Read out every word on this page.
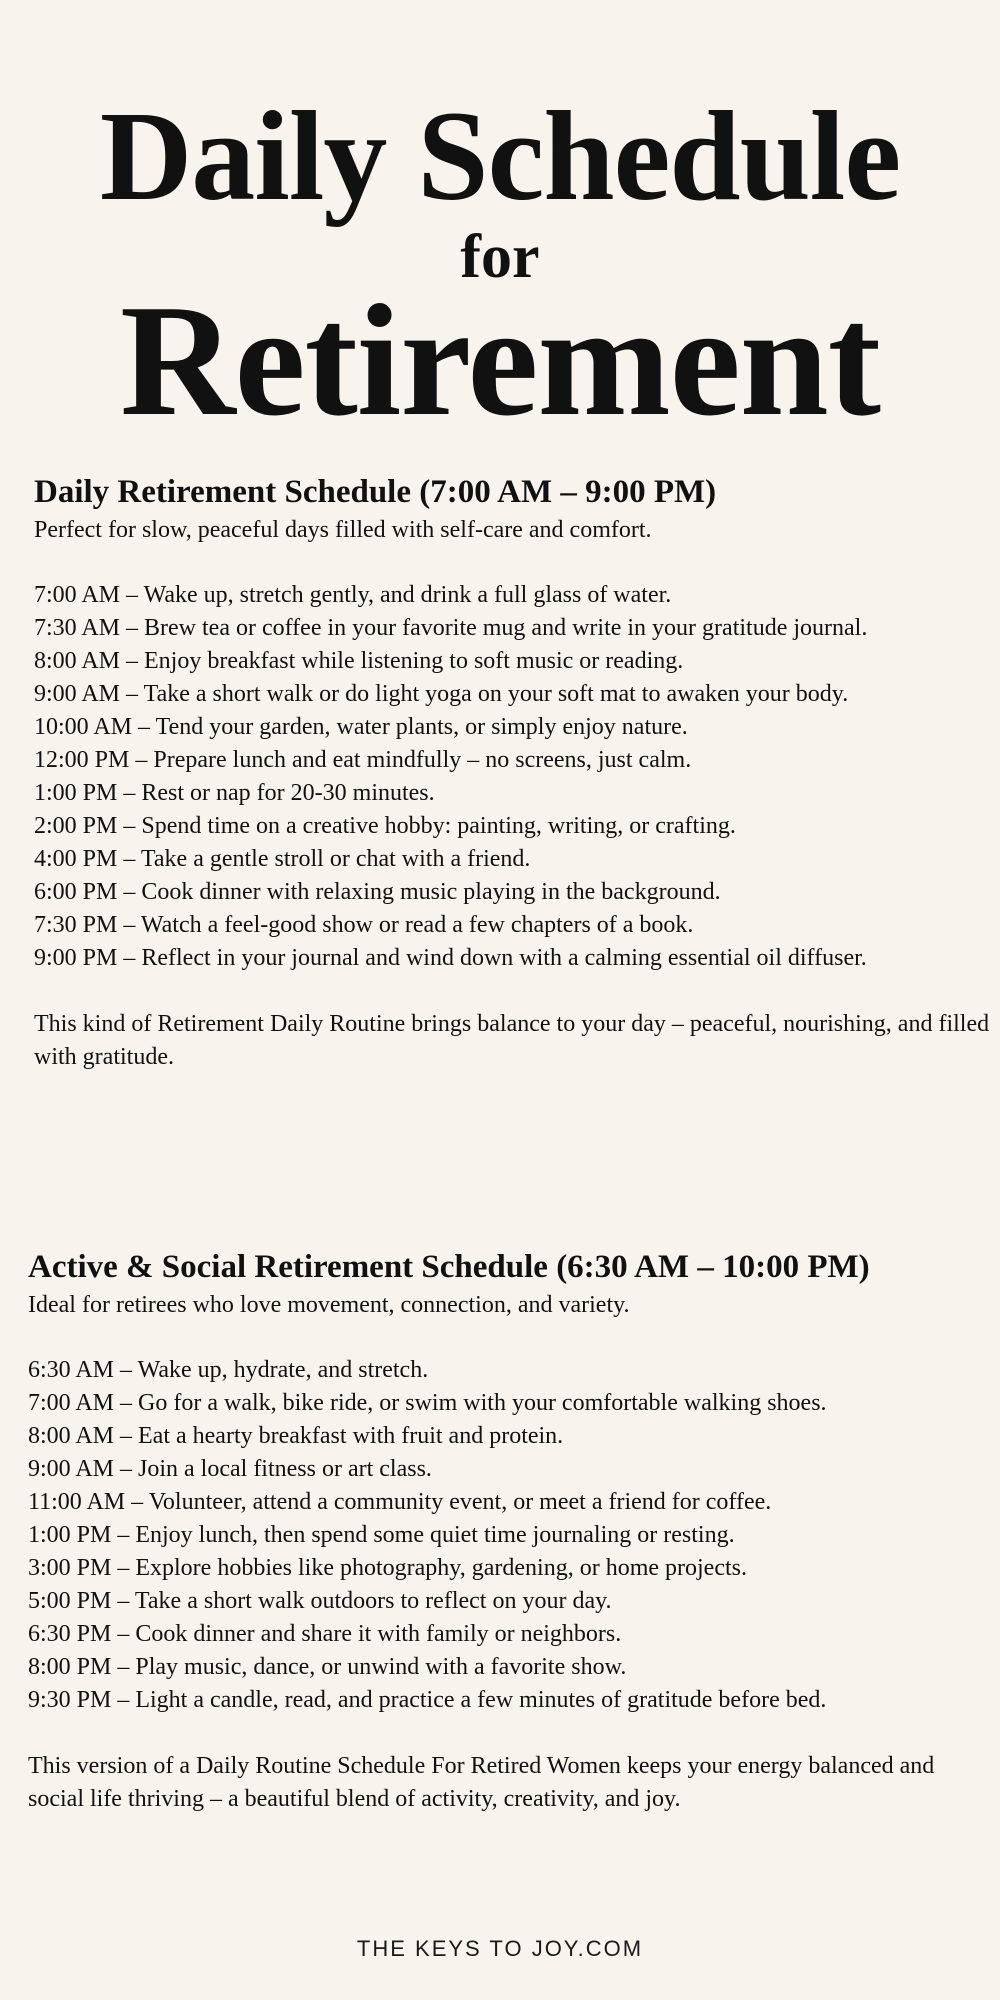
Daily Schedule
for
Retirement
Daily Retirement Schedule (7:00 AM – 9:00 PM)

Perfect for slow, peaceful days filled with self-care and comfort.

7:00 AM – Wake up, stretch gently, and drink a full glass of water.
7:30 AM – Brew tea or coffee in your favorite mug and write in your gratitude journal.
8:00 AM – Enjoy breakfast while listening to soft music or reading.
9:00 AM – Take a short walk or do light yoga on your soft mat to awaken your body.
10:00 AM – Tend your garden, water plants, or simply enjoy nature.
12:00 PM – Prepare lunch and eat mindfully – no screens, just calm.
1:00 PM – Rest or nap for 20-30 minutes.
2:00 PM – Spend time on a creative hobby: painting, writing, or crafting.
4:00 PM – Take a gentle stroll or chat with a friend.
6:00 PM – Cook dinner with relaxing music playing in the background.
7:30 PM – Watch a feel-good show or read a few chapters of a book.
9:00 PM – Reflect in your journal and wind down with a calming essential oil diffuser.

This kind of Retirement Daily Routine brings balance to your day – peaceful, nourishing, and filled with gratitude.

Active & Social Retirement Schedule (6:30 AM – 10:00 PM)

Ideal for retirees who love movement, connection, and variety.

6:30 AM – Wake up, hydrate, and stretch.
7:00 AM – Go for a walk, bike ride, or swim with your comfortable walking shoes.
8:00 AM – Eat a hearty breakfast with fruit and protein.
9:00 AM – Join a local fitness or art class.
11:00 AM – Volunteer, attend a community event, or meet a friend for coffee.
1:00 PM – Enjoy lunch, then spend some quiet time journaling or resting.
3:00 PM – Explore hobbies like photography, gardening, or home projects.
5:00 PM – Take a short walk outdoors to reflect on your day.
6:30 PM – Cook dinner and share it with family or neighbors.
8:00 PM – Play music, dance, or unwind with a favorite show.
9:30 PM – Light a candle, read, and practice a few minutes of gratitude before bed.

This version of a Daily Routine Schedule For Retired Women keeps your energy balanced and social life thriving – a beautiful blend of activity, creativity, and joy.

THE KEYS TO JOY.COM
